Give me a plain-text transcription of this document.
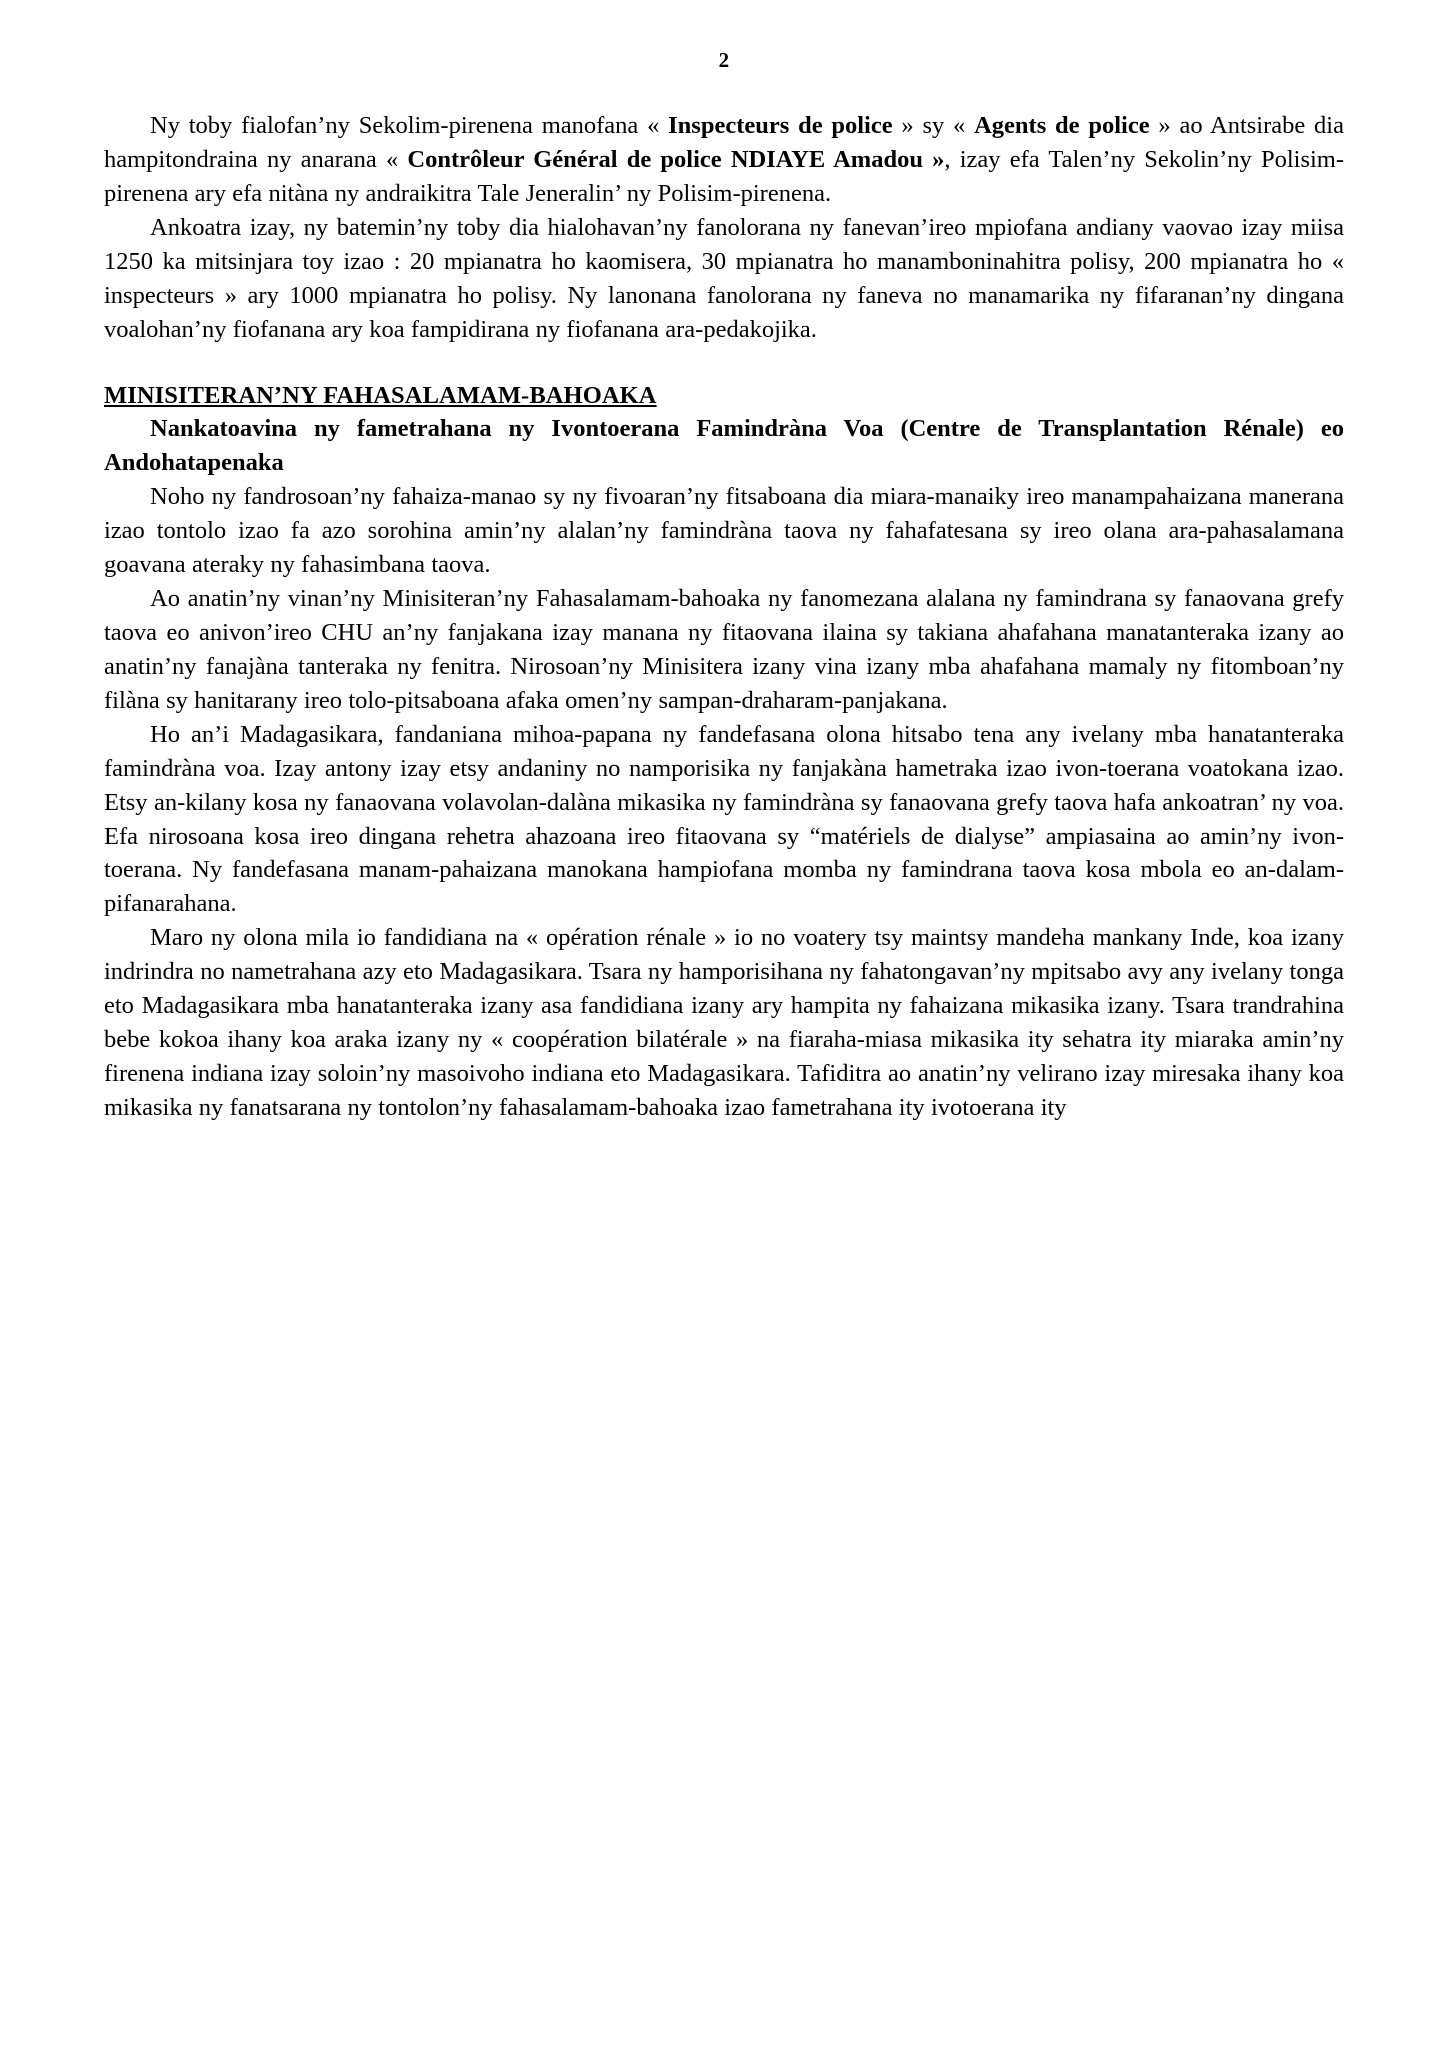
2

Ny toby fialofan’ny Sekolim-pirenena manofana « Inspecteurs de police » sy « Agents de police » ao Antsirabe dia hampitondraina ny anarana « Contrôleur Général de police NDIAYE Amadou », izay efa Talen’ny Sekolin’ny Polisim-pirenena ary efa nitàna ny andraikitra Tale Jeneralin’ ny Polisim-pirenena.

Ankoatra izay, ny batemin’ny toby dia hialohavan’ny fanolorana ny fanevan’ireo mpiofana andiany vaovao izay miisa 1250 ka mitsinjara toy izao : 20 mpianatra ho kaomisera, 30 mpianatra ho manamboninahitra polisy, 200 mpianatra ho « inspecteurs » ary 1000 mpianatra ho polisy. Ny lanonana fanolorana ny faneva no manamarika ny fifaranan’ny dingana voalohan’ny fiofanana ary koa fampidirana ny fiofanana ara-pedakojika.

MINISITERAN’NY FAHASALAMAM-BAHOAKA
Nankatoavina ny fametrahana ny Ivontoerana Famindràna Voa (Centre de Transplantation Rénale) eo Andohatapenaka

Noho ny fandrosoan’ny fahaiza-manao sy ny fivoaran’ny fitsaboana dia miara-manaiky ireo manampahaizana manerana izao tontolo izao fa azo sorohina amin’ny alalan’ny famindràna taova ny fahafatesana sy ireo olana ara-pahasalamana goavana ateraky ny fahasimbana taova.

Ao anatin’ny vinan’ny Minisiteran’ny Fahasalamam-bahoaka ny fanomezana alalana ny famindrana sy fanaovana grefy taova eo anivon’ireo CHU an’ny fanjakana izay manana ny fitaovana ilaina sy takiana ahafahana manatanteraka izany ao anatin’ny fanajàna tanteraka ny fenitra. Nirosoan’ny Minisitera izany vina izany mba ahafahana mamaly ny fitomboan’ny filàna sy hanitarany ireo tolo-pitsaboana afaka omen’ny sampan-draharam-panjakana.

Ho an’i Madagasikara, fandaniana mihoa-papana ny fandefasana olona hitsabo tena any ivelany mba hanatanteraka famindràna voa. Izay antony izay etsy andaniny no namporisika ny fanjakàna hametraka izao ivon-toerana voatokana izao. Etsy an-kilany kosa ny fanaovana volavolan-dalàna mikasika ny famindràna sy fanaovana grefy taova hafa ankoatran’ ny voa. Efa nirosoana kosa ireo dingana rehetra ahazoana ireo fitaovana sy “matériels de dialyse” ampiasaina ao amin’ny ivon-toerana. Ny fandefasana manam-pahaizana manokana hampiofana momba ny famindrana taova kosa mbola eo an-dalam-pifanarahana.

Maro ny olona mila io fandidiana na « opération rénale » io no voatery tsy maintsy mandeha mankany Inde, koa izany indrindra no nametrahana azy eto Madagasikara. Tsara ny hamporisihana ny fahatongavan’ny mpitsabo avy any ivelany tonga eto Madagasikara mba hanatanteraka izany asa fandidiana izany ary hampita ny fahaizana mikasika izany. Tsara trandrahina bebe kokoa ihany koa araka izany ny « coopération bilatérale » na fiaraha-miasa mikasika ity sehatra ity miaraka amin’ny firenena indiana izay soloin’ny masoivoho indiana eto Madagasikara. Tafiditra ao anatin’ny velirano izay miresaka ihany koa mikasika ny fanatsarana ny tontolon’ny fahasalamam-bahoaka izao fametrahana ity ivotoerana ity
